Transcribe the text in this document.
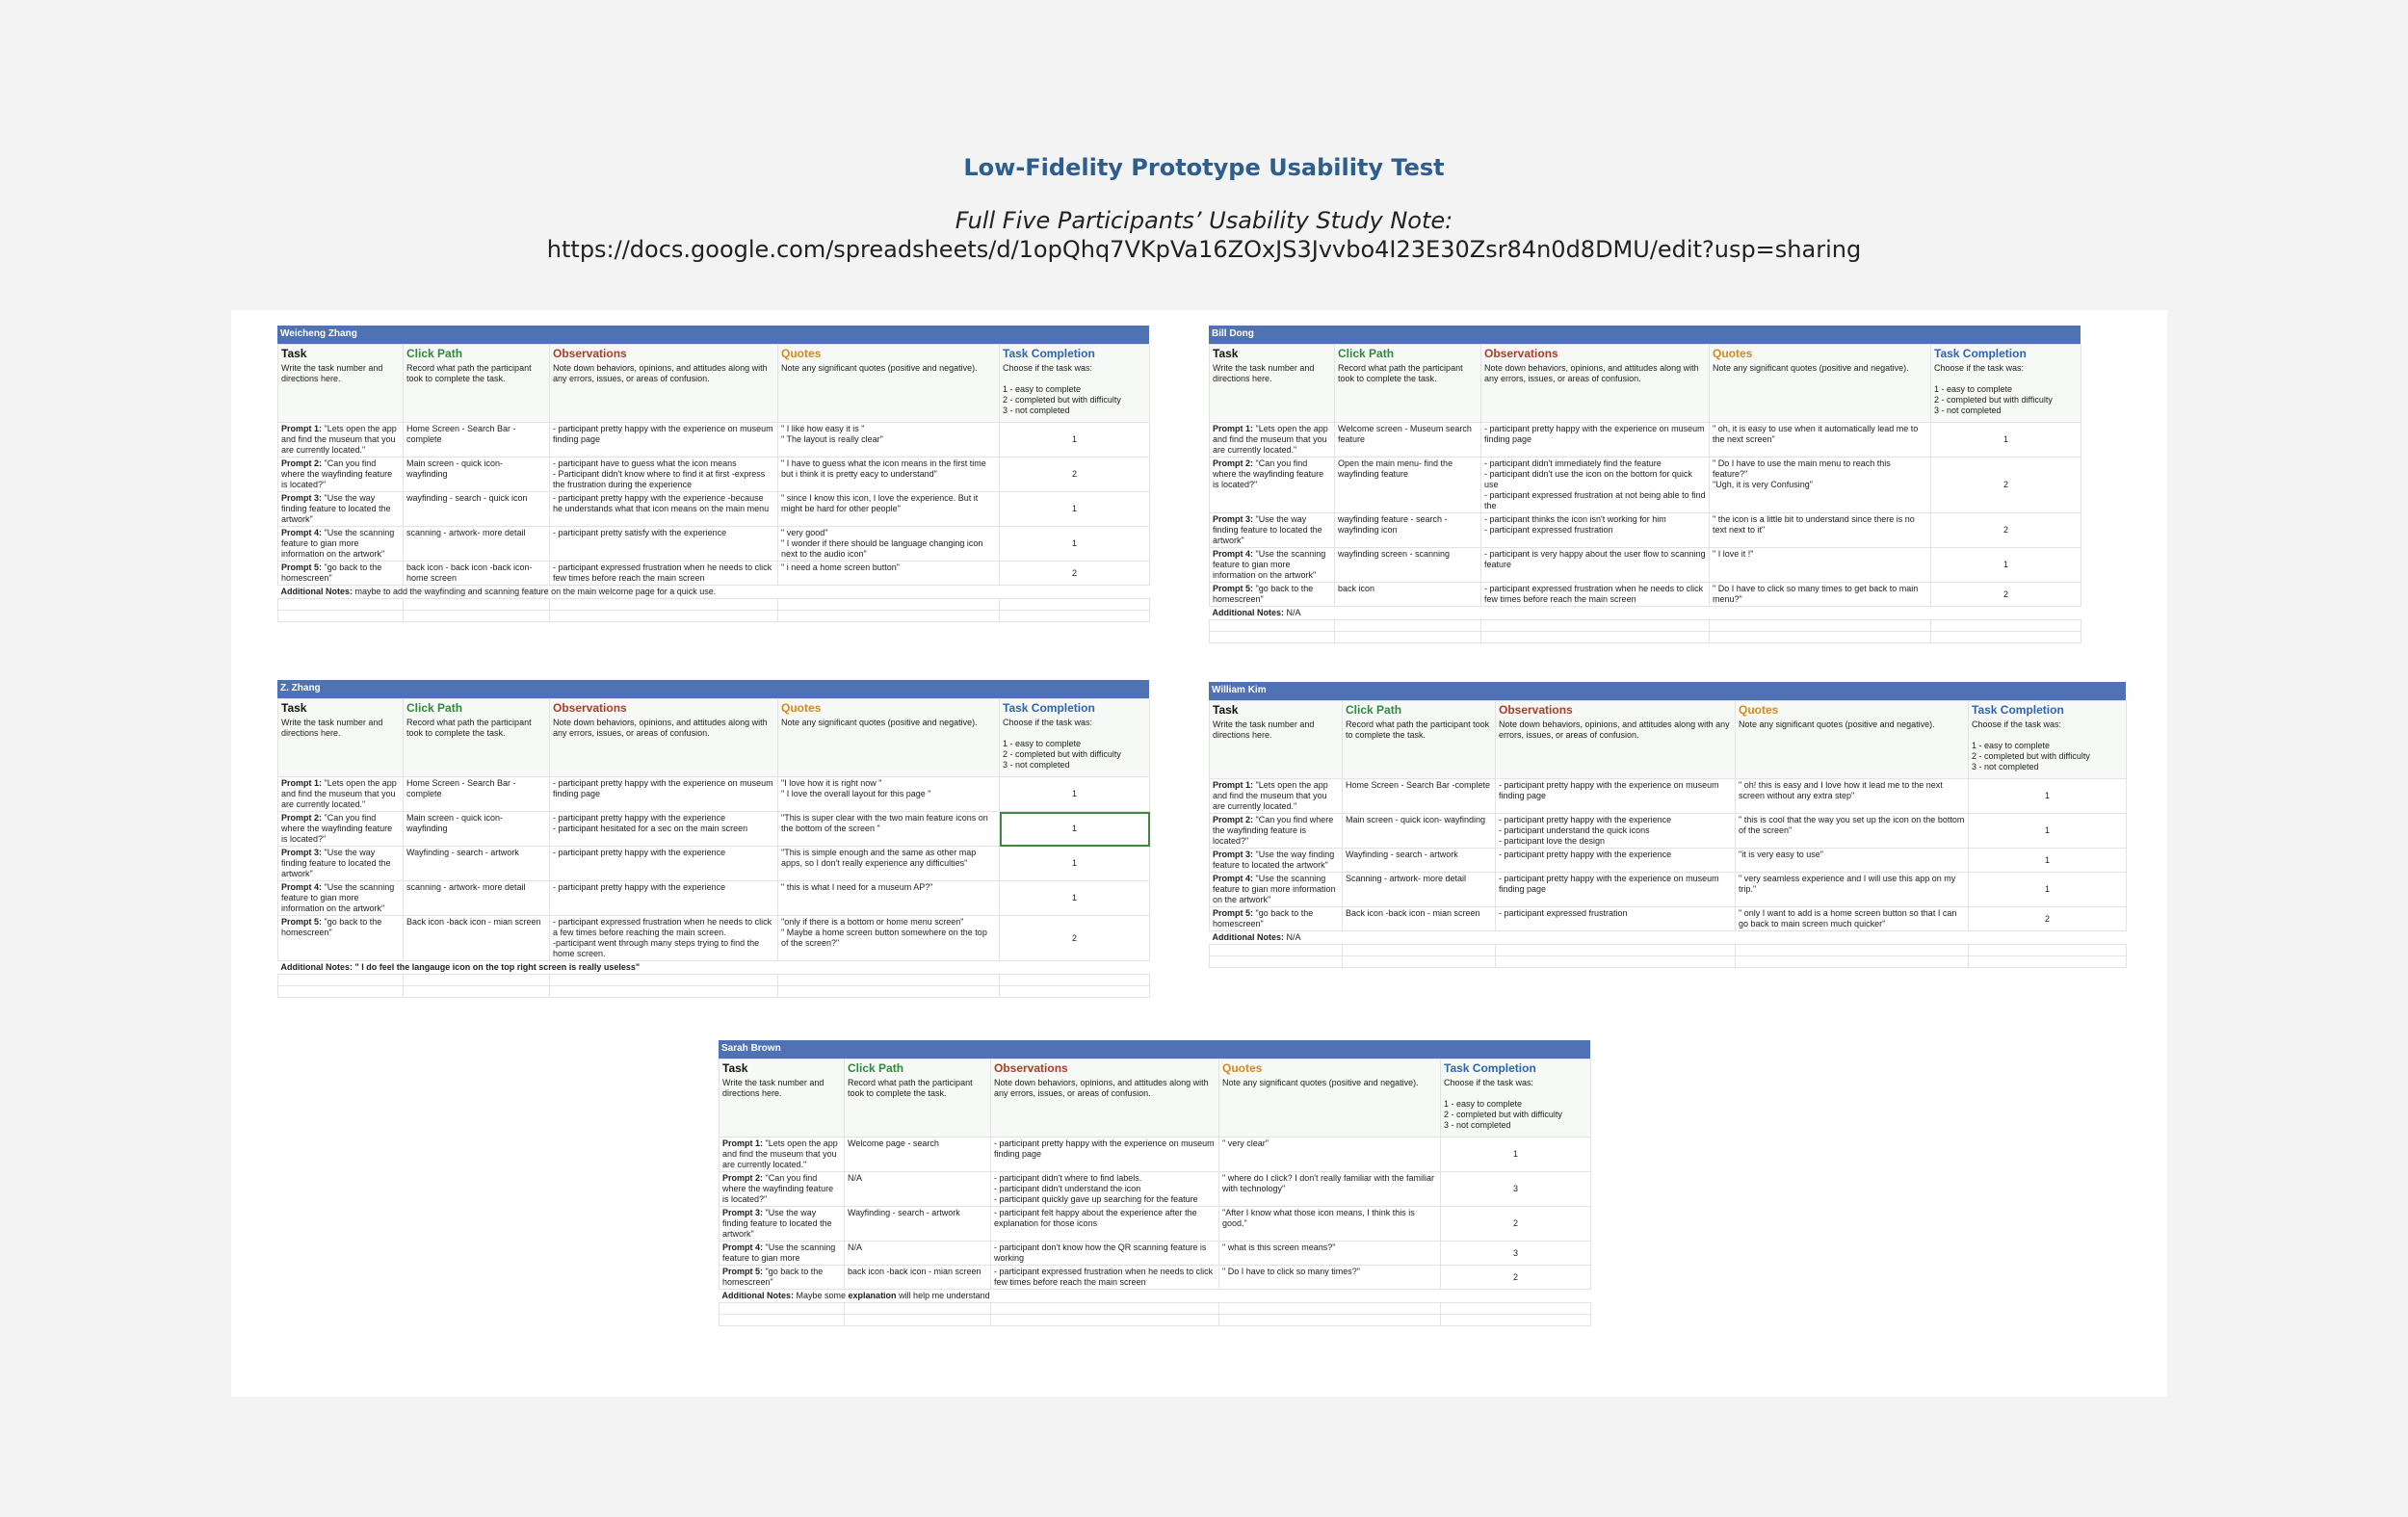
Low-Fidelity Prototype Usability Test
Full Five Participants’ Usability Study Note:
https://docs.google.com/spreadsheets/d/1opQhq7VKpVa16ZOxJS3Jvvbo4I23E30Zsr84n0d8DMU/edit?usp=sharing
Weicheng Zhang
Task	Click Path	Observations	Quotes	Task Completion
Write the task number and directions here.	Record what path the participant took to complete the task.	Note down behaviors, opinions, and attitudes along with any errors, issues, or areas of confusion.	Note any significant quotes (positive and negative).	Choose if the task was:

1 - easy to complete
2 - completed but with difficulty
3 - not completed

Prompt 1: "Lets open the app and find the museum that you are currently located."	Home Screen - Search Bar -complete	- participant pretty happy with the experience on museum finding page	" I like how easy it is "
" The layout is really clear"	1
Prompt 2: "Can you find where the wayfinding feature is located?"	Main screen - quick icon- wayfinding	- participant have to guess what the icon means
- Participant didn't know where to find it at first -express the frustration during the experience	" I have to guess what the icon means in the first time but i think it is pretty eacy to understand"	2
Prompt 3: "Use the way finding feature to located the artwork"	wayfinding - search - quick icon	- participant pretty happy with the experience -because he understands what that icon means on the main menu	" since I know this icon, I love the experience. But it might be hard for other people"	1
Prompt 4: "Use the scanning feature to gian more information on the artwork"	scanning - artwork- more detail	- participant pretty satisfy with the experience	" very good"
" I wonder if there should be language changing icon next to the audio icon"	1
Prompt 5: "go back to the homescreen"	back icon - back icon -back icon-home screen	- participant expressed frustration when he needs to click few times before reach the main screen	" i need a home screen button"	2
Additional Notes: maybe to add the wayfinding and scanning feature on the main welcome page for a quick use.				

Bill Dong
Task	Click Path	Observations	Quotes	Task Completion
Write the task number and directions here.	Record what path the participant took to complete the task.	Note down behaviors, opinions, and attitudes along with any errors, issues, or areas of confusion.	Note any significant quotes (positive and negative).	Choose if the task was:

1 - easy to complete
2 - completed but with difficulty
3 - not completed

Prompt 1: "Lets open the app and find the museum that you are currently located."	Welcome screen - Museum search feature	- participant pretty happy with the experience on museum finding page	" oh, it is easy to use when it automatically lead me to the next screen"	1
Prompt 2: "Can you find where the wayfinding feature is located?"	Open the main menu- find the wayfinding feature	- participant didn't immediately find the feature
- participant didn't use the icon on the bottom for quick use
- participant expressed frustration at not being able to find the	" Do I have to use the main menu to reach this feature?"
"Ugh, it is very Confusing"	2
Prompt 3: "Use the way finding feature to located the artwork"	wayfinding feature - search - wayfinding icon	- participant thinks the icon isn't working for him
- participant expressed frustration	" the icon is a little bit to understand since there is no text next to it"	2
Prompt 4: "Use the scanning feature to gian more information on the artwork"	wayfinding screen - scanning	- participant is very happy about the user flow to scanning feature	" I love it !"	1
Prompt 5: "go back to the homescreen"	back icon	- participant expressed frustration when he needs to click few times before reach the main screen	" Do I have to click so many times to get back to main menu?"	2
Additional Notes: N/A				

Z. Zhang
Task	Click Path	Observations	Quotes	Task Completion
Write the task number and directions here.	Record what path the participant took to complete the task.	Note down behaviors, opinions, and attitudes along with any errors, issues, or areas of confusion.	Note any significant quotes (positive and negative).	Choose if the task was:

1 - easy to complete
2 - completed but with difficulty
3 - not completed

Prompt 1: "Lets open the app and find the museum that you are currently located."	Home Screen - Search Bar -complete	- participant pretty happy with the experience on museum finding page	"I love how it is right now "
" I love the overall layout for this page "	1
Prompt 2: "Can you find where the wayfinding feature is located?"	Main screen - quick icon- wayfinding	- participant pretty happy with the experience
- participant hesitated for a sec on the main screen	"This is super clear with the two main feature icons on the bottom of the screen "	1
Prompt 3: "Use the way finding feature to located the artwork"	Wayfinding - search - artwork	- participant pretty happy with the experience	"This is simple enough and the same as other map apps, so I don't really experience any difficulties"	1
Prompt 4: "Use the scanning feature to gian more information on the artwork"	scanning - artwork- more detail	- participant pretty happy with the experience	" this is what I need for a museum AP?"	1
Prompt 5: "go back to the homescreen"	Back icon -back icon - mian screen	- participant expressed frustration when he needs to click a few times before reaching the main screen.
-participant went through many steps trying to find the home screen.	"only if there is a bottom or home menu screen"
" Maybe a home screen button somewhere on the top of the screen?"	2
Additional Notes: " I do feel the langauge icon on the top right screen is really useless"				

William Kim
Task	Click Path	Observations	Quotes	Task Completion
Write the task number and directions here.	Record what path the participant took to complete the task.	Note down behaviors, opinions, and attitudes along with any errors, issues, or areas of confusion.	Note any significant quotes (positive and negative).	Choose if the task was:

1 - easy to complete
2 - completed but with difficulty
3 - not completed

Prompt 1: "Lets open the app and find the museum that you are currently located."	Home Screen - Search Bar -complete	- participant pretty happy with the experience on museum finding page	" oh! this is easy and I love how it lead me to the next screen without any extra step"	1
Prompt 2: "Can you find where the wayfinding feature is located?"	Main screen - quick icon- wayfinding	- participant pretty happy with the experience
- participant understand the quick icons
- participant love the design	" this is cool that the way you set up the icon on the bottom of the screen"	1
Prompt 3: "Use the way finding feature to located the artwork"	Wayfinding - search - artwork	- participant pretty happy with the experience	"it is very easy to use"	1
Prompt 4: "Use the scanning feature to gian more information on the artwork"	Scanning - artwork- more detail	- participant pretty happy with the experience on museum finding page	" very seamless experience and I will use this app on my trip."	1
Prompt 5: "go back to the homescreen"	Back icon -back icon - mian screen	- participant expressed frustration	" only I want to add is a home screen button so that I can go back to main screen much quicker"	2
Additional Notes: N/A				

Sarah Brown
Task	Click Path	Observations	Quotes	Task Completion
Write the task number and directions here.	Record what path the participant took to complete the task.	Note down behaviors, opinions, and attitudes along with any errors, issues, or areas of confusion.	Note any significant quotes (positive and negative).	Choose if the task was:

1 - easy to complete
2 - completed but with difficulty
3 - not completed

Prompt 1: "Lets open the app and find the museum that you are currently located."	Welcome page - search	- participant pretty happy with the experience on museum finding page	" very clear"	1
Prompt 2: "Can you find where the wayfinding feature is located?"	N/A	- participant didn't where to find labels.
- participant didn't understand the icon
- participant quickly gave up searching for the feature	" where do I click? I don't really familiar with the familiar with technology"	3
Prompt 3: "Use the way finding feature to located the artwork"	Wayfinding - search - artwork	- participant felt happy about the experience after the explanation for those icons	"After I know what those icon means, I think this is good."	2
Prompt 4: "Use the scanning feature to gian more	N/A	- participant don't know how the QR scanning feature is working	" what is this screen means?"	3
Prompt 5: "go back to the homescreen"	back icon -back icon - mian screen	- participant expressed frustration when he needs to click few times before reach the main screen	" Do I have to click so many times?"	2
Additional Notes: Maybe some explanation will help me understand				
